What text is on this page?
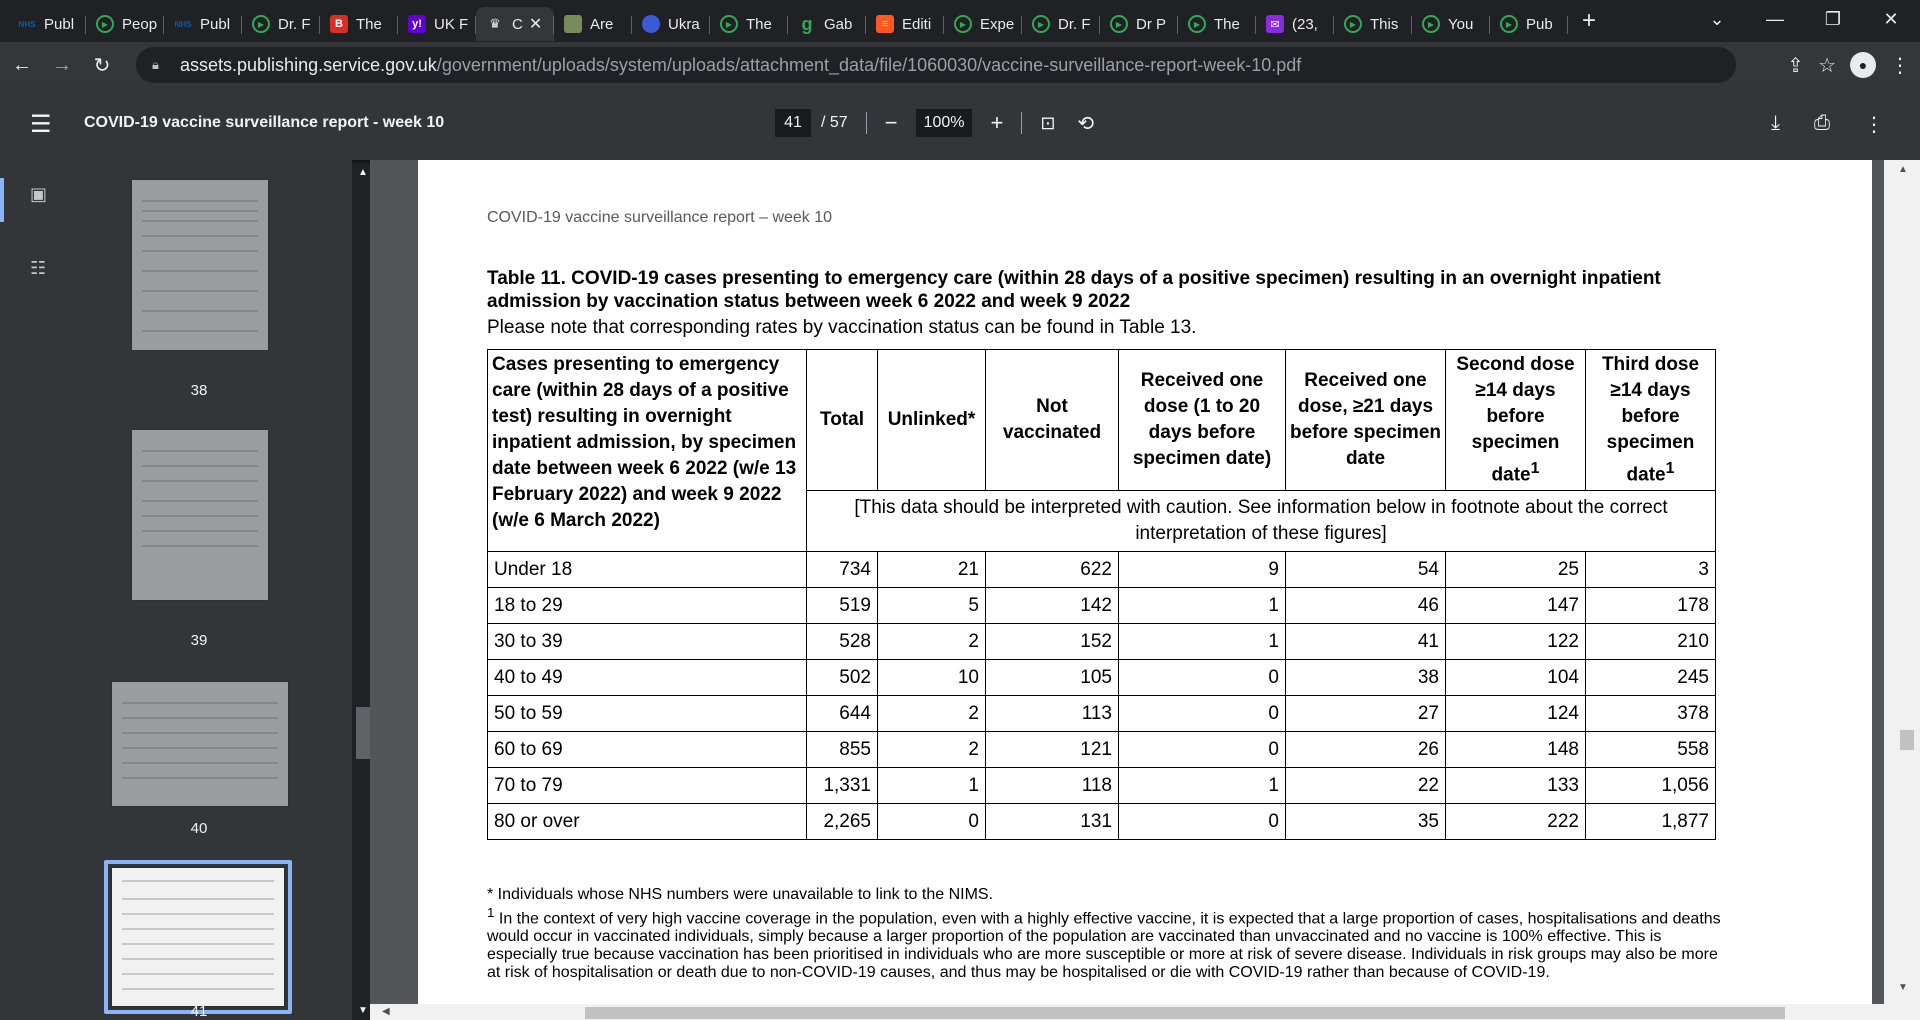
NHS Publ	▶ Peop NHS Publ	▶ Dr. F	B The	y! UK F ♛ C ✕	Are	Ukra	▶ The g Gab	≡ Editi	▶ Expe	▶ Dr. F	▶ Dr P	▶ The	✉ (23,	▶ This	▶ You	▶ Pub +	⌄	—	❐	✕
←	→	↻	🔒︎	assets.publishing.service.gov.uk /government/uploads/system/uploads/attachment_data/file/1060030/vaccine-surveillance-report-week-10.pdf	⇪ ☆	●	⋮
☰ COVID-19 vaccine surveillance report - week 10	41	/ 57 −	100%	+ ⊡ ⟲	⤓ ⎙ ⋮
▣
☷
38
39
40
41
COVID-19 vaccine surveillance report – week 10
Table 11. COVID-19 cases presenting to emergency care (within 28 days of a positive specimen) resulting in an overnight inpatient admission by vaccination status between week 6 2022 and week 9 2022
Please note that corresponding rates by vaccination status can be found in Table 13.
Cases presenting to emergency care (within 28 days of a positive test) resulting in overnight inpatient admission, by specimen date between week 6 2022 (w/e 13 February 2022) and week 9 2022 (w/e 6 March 2022)	Total	Unlinked*	Not vaccinated	Received one dose (1 to 20 days before specimen date)	Received one dose, ≥21 days before specimen date	Second dose ≥14 days before specimen date$^1$	Third dose ≥14 days before specimen date$^1$
	[This data should be interpreted with caution. See information below in footnote about the correct interpretation of these figures]						
Under 18	734	21	622	9	54	25	3
18 to 29	519	5	142	1	46	147	178
30 to 39	528	2	152	1	41	122	210
40 to 49	502	10	105	0	38	104	245
50 to 59	644	2	113	0	27	124	378
60 to 69	855	2	121	0	26	148	558
70 to 79	1,331	1	118	1	22	133	1,056
80 or over	2,265	0	131	0	35	222	1,877
* Individuals whose NHS numbers were unavailable to link to the NIMS.
$^1$ In the context of very high vaccine coverage in the population, even with a highly effective vaccine, it is expected that a large proportion of cases, hospitalisations and deaths would occur in vaccinated individuals, simply because a larger proportion of the population are vaccinated than unvaccinated and no vaccine is 100% effective. This is especially true because vaccination has been prioritised in individuals who are more susceptible or more at risk of severe disease. Individuals in risk groups may also be more at risk of hospitalisation or death due to non-COVID-19 causes, and thus may be hospitalised or die with COVID-19 rather than because of COVID-19.
▲
▼
◀
▲
▼
